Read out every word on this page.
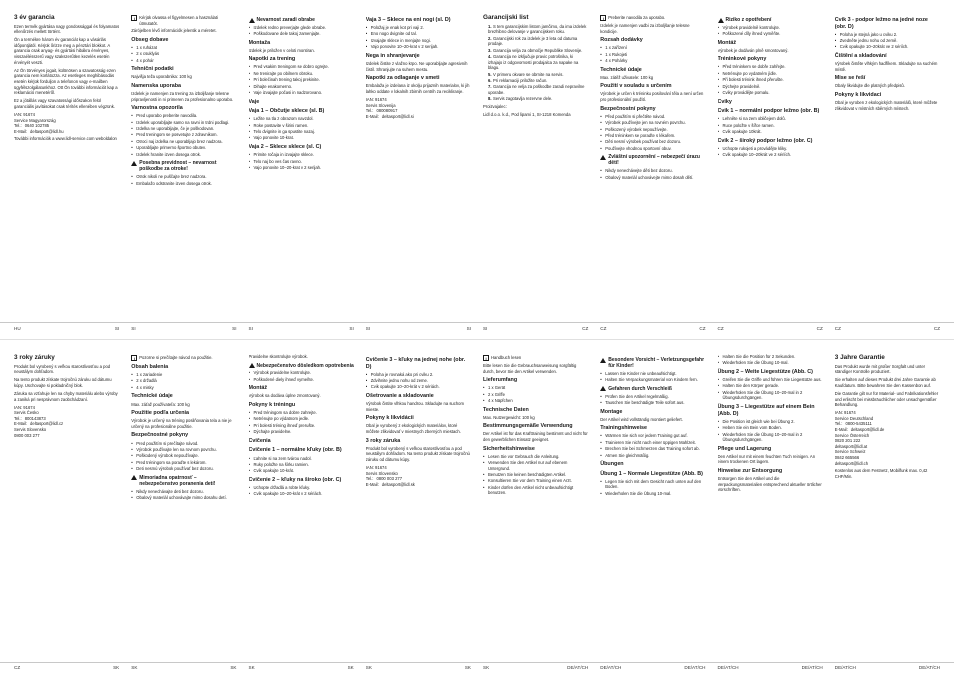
3 év garancia

Ezen termék gyártása nagy gondossággal és folyamatos ellenőrzés mellett történt.

Ön a termékre három év garanciát kap a vásárlás időpontjától. Kérjük őrizze meg a pénztári blokkot. A garancia csak anyag- és gyártási hibákra érvényes, visszaélésszerű vagy szakszerűtlen kezelés esetén érvényét veszti.

Az Ön törvényes jogait, különösen a szavatosság ezen garancia nem korlátozza. Az esetleges meghibásodás esetén kérjük forduljon a telefonon vagy e-mailben ügyfélszolgálatunkhoz. Ott Ön további információt kap a reklamáció menetéről.

Ez a jótállás vagy szavatossági időszakon felül garanciális javításokat csak térítés ellenében végzünk.

IAN: 91674
Service Magyarország
Tel.: 0640 102785
E-Mail: deltasport@lidl.hu

További információk a www.lidl-service.com weboldalon

i	Kérjük olvassa el figyelmesen a használati útmutatót.

Zárójelben lévő információk jelentik a méretet.

Obseg dobave
• 1 x ruházat
• 2 x csuklyás
• 4 x pohár
Tehnični podatki

Najvišja teža uporabnika: 100 kg

Namenska uporaba

Izdelek je namenjen za trening za izboljšanje telesne pripravljenosti in ni primeren za profesionalno uporabo.

Varnostna opozorila
• Pred uporabo preberite navodila.
• Izdelek uporabljajte samo na ravni in trdni podlagi.
• Izdelka ne uporabljajte, če je poškodovan.
• Pred treningom se posvetujte z zdravnikom.
• Otroci naj izdelka ne uporabljajo brez nadzora.
• Uporabljajte primerno športno obutev.
• Izdelek hranite izven dosega otrok.
Posebna previdnost – nevarnost poškodbe za otroke!
• Otrok nikoli ne puščajte brez nadzora.
• Embalažo odstranite izven dosega otrok.
Nevarnost zaradi obrabe
• Izdelek redno preverjajte glede obrabe.
• Poškodovane dele takoj zamenjajte.
Montaža

Izdelek je priložen v celoti montiran.

Napotki za trening
• Pred vsakim treningom se dobro ogrejte.
• Ne trenirajte po obilnem obroku.
• Pri bolečinah trening takoj prekinite.
• Dihajte enakomerno.
• Vaje izvajajte počasi in nadzorovano.
Vaje
Vaja 1 – Občutje sklece (sl. B)
• Ležite na tla z obrazom navzdol.
• Roke postavite v širini ramen.
• Telo dvignite in ga spustite nazaj.
• Vajo ponovite 10-krat.
Vaja 2 – Sklece sklece (sl. C)
• Primite ročaja in izvajajte sklece.
• Telo naj bo ves čas ravno.
• Vajo ponovite 10–20-krat v 2 serijah.
Vaja 3 – Sklece na eni nogi (sl. D)
• Položaj je enak kot pri vaji 2.
• Eno nogo dvignite od tal.
• Izvajajte sklece in menjajte nogi.
• Vajo ponovite 10–20-krat v 2 serijah.
Nega in shranjevanje

Izdelek čistite z vlažno krpo. Ne uporabljajte agresivnih čistil. Shranjujte na suhem mestu.

Napotki za odlaganje v smeti

Embalaža je izdelana iz okolju prijaznih materialov, ki jih lahko oddate v lokalnih zbirnih centrih za recikliranje.

IAN: 91674
Servis Slovenija
Tel.: 080080917
E-Mail: deltasport@lidl.si
Garancijski list
1. S tem garancijskim listom jamčimo, da ima izdelek brezhibno delovanje v garancijskem roku.
2. Garancijski rok za izdelek je 3 leta od datuma prodaje.
3. Garancija velja za območje Republike Slovenije.
4. Garancija ne izključuje pravic potrošnika, ki izhajajo iz odgovornosti prodajalca za napake na blagu.
5. V primeru okvare se obrnite na servis.
6. Pri reklamaciji priložite račun.
7. Garancija ne velja za poškodbe zaradi nepravilne uporabe.
8. Servis zagotavlja rezervne dele.

Proizvajalec:

Lidl d.o.o. k.d., Pod lipami 1, SI-1218 Komenda

i	Preberite navodila za uporabo.

Izdelek je namenjen vadbi za izboljšanje telesne kondicije.

Rozsah dodávky
• 1 x zařízení
• 1 x Rukojeti
• 4 x Pohárky
Technické údaje

Max. zátěž uživatele: 100 kg

Použití v souladu s určením

Výrobek je určen k tréninku posilování těla a není určen pro profesionální použití.

Bezpečnostní pokyny
• Před použitím si přečtěte návod.
• Výrobek používejte jen na rovném povrchu.
• Poškozený výrobek nepoužívejte.
• Před tréninkem se poraďte s lékařem.
• Děti nesmí výrobek používat bez dozoru.
• Používejte vhodnou sportovní obuv.
Zvláštní upozornění – nebezpečí úrazu dětí!
• Nikdy nenechávejte děti bez dozoru.
• Obalový materiál uchovávejte mimo dosah dětí.
Riziko z opotřebení
• Výrobek pravidelně kontrolujte.
• Poškozené díly ihned vyměňte.
Montáž

Výrobek je dodáván plně smontovaný.

Tréninkové pokyny
• Před tréninkem se dobře zahřejte.
• Netrénujte po vydatném jídle.
• Při bolesti trénink ihned přerušte.
• Dýchejte pravidelně.
• Cviky provádějte pomalu.
Cviky
Cvik 1 – normální podpor ležmo (obr. B)
• Lehněte si na zem obličejem dolů.
• Ruce položte v šířce ramen.
• Cvik opakujte 10krát.
Cvik 2 – široký podpor ležmo (obr. C)
• Uchopte rukojeti a provádějte kliky.
• Cvik opakujte 10–20krát ve 2 sériích.
Cvik 3 - podpor ležmo na jedné noze (obr. D)
• Poloha je stejná jako u cviku 2.
• Zvedněte jednu nohu od země.
• Cvik opakujte 10–20krát ve 2 sériích.
Čištění a skladování

Výrobek čistěte vlhkým hadříkem. Skladujte na suchém místě.

Mise se řeší

Obaly likvidujte dle platných předpisů.

Pokyny k likvidaci

Obal je vyroben z ekologických materiálů, které můžete zlikvidovat v místních sběrných místech.

HU	SI	SI	SI	SI	SI	SI	SI	SI	CZ	CZ	CZ	CZ	CZ	CZ	CZ
3 roky záruky

Produkt bol vyrobený s veľkou starostlivosťou a pod neustálym dohľadom.

Na tento produkt získate trojročnú záruku od dátumu kúpy. Uschovajte si pokladničný blok.

Záruka sa vzťahuje len na chyby materiálu alebo výroby a zaniká pri nesprávnom zaobchádzaní.

IAN: 91674
Servis Česko
Tel.: 800143873
E-Mail: deltasport@lidl.cz
Servis Slovensko
0800 003 277
i	Pozorne si prečítajte návod na použitie.
Obsah balenia
• 1 x zariadenie
• 2 x držadlá
• 4 x misky
Technické údaje

Max. záťaž používateľa: 100 kg

Použitie podľa určenia

Výrobok je určený na tréning posilňovania tela a nie je určený na profesionálne použitie.

Bezpečnostné pokyny
• Pred použitím si prečítajte návod.
• Výrobok používajte len na rovnom povrchu.
• Poškodený výrobok nepoužívajte.
• Pred tréningom sa poraďte s lekárom.
• Deti nesmú výrobok používať bez dozoru.
Mimoriadna opatrnosť – nebezpečenstvo poranenia detí!
• Nikdy nenechávajte deti bez dozoru.
• Obalový materiál uchovávajte mimo dosahu detí.

Pravidelne skontrolujte výrobok.

Nebezpečenstvo dôsledkom opotrebenia
• Výrobok pravidelne kontrolujte.
• Poškodené diely ihneď vymeňte.
Montáž

Výrobok sa dodáva úplne zmontovaný.

Pokyny k tréningu
• Pred tréningom sa dobre zahrejte.
• Netrénujte po výdatnom jedle.
• Pri bolesti tréning ihneď prerušte.
• Dýchajte pravidelne.
Cvičenia
Cvičenie 1 – normálne kľuky (obr. B)
• Ľahnite si na zem tvárou nadol.
• Ruky položte na šírku ramien.
• Cvik opakujte 10-krát.
Cvičenie 2 – kľuky na široko (obr. C)
• Uchopte držadlá a robte kľuky.
• Cvik opakujte 10–20-krát v 2 sériách.
Cvičenie 3 – kľuky na jednej nohe (obr. D)
• Poloha je rovnaká ako pri cviku 2.
• Zdvihnite jednu nohu od zeme.
• Cvik opakujte 10–20-krát v 2 sériách.
Ošetrovanie a skladovanie

Výrobok čistite vlhkou handrou. Skladujte na suchom mieste.

Pokyny k likvidácii

Obal je vyrobený z ekologických materiálov, ktoré môžete zlikvidovať v miestnych zberných miestach.

3 roky záruka

Produkt bol vyrobený s veľkou starostlivosťou a pod neustálym dohľadom. Na tento produkt získate trojročnú záruku od dátumu kúpy.

IAN: 91674
Servis Slovensko
Tel.: 0800 003 277
E-Mail: deltasport@lidl.sk
i	Handbuch lesen

Bitte lesen Sie die Gebrauchsanweisung sorgfältig durch, bevor Sie den Artikel verwenden.

Lieferumfang
• 1 x Gerät
• 2 x Griffe
• 4 x Näpfchen
Technische Daten

Max. Nutzergewicht: 100 kg

Bestimmungsgemäße Verwendung

Der Artikel ist für das Krafttraining bestimmt und nicht für den gewerblichen Einsatz geeignet.

Sicherheitshinweise
• Lesen Sie vor Gebrauch die Anleitung.
• Verwenden Sie den Artikel nur auf ebenem Untergrund.
• Benutzen Sie keinen beschädigten Artikel.
• Konsultieren Sie vor dem Training einen Arzt.
• Kinder dürfen den Artikel nicht unbeaufsichtigt benutzen.
Besondere Vorsicht – Verletzungsgefahr für Kinder!
• Lassen Sie Kinder nie unbeaufsichtigt.
• Halten Sie Verpackungsmaterial von Kindern fern.
Gefahren durch Verschleiß
• Prüfen Sie den Artikel regelmäßig.
• Tauschen Sie beschädigte Teile sofort aus.
Montage

Der Artikel wird vollständig montiert geliefert.

Trainingshinweise
• Wärmen Sie sich vor jedem Training gut auf.
• Trainieren Sie nicht nach einer üppigen Mahlzeit.
• Brechen Sie bei Schmerzen das Training sofort ab.
• Atmen Sie gleichmäßig.
Übungen
Übung 1 – Normale Liegestütze (Abb. B)
• Legen Sie sich mit dem Gesicht nach unten auf den Boden.
• Wiederholen Sie die Übung 10-mal.
• Halten Sie die Position für 2 Sekunden.
• Wiederholen Sie die Übung 10-mal.
Übung 2 – Weite Liegestütze (Abb. C)
• Greifen Sie die Griffe und führen Sie Liegestütze aus.
• Halten Sie den Körper gerade.
• Wiederholen Sie die Übung 10–20-mal in 2 Übungsdurchgängen.
Übung 3 – Liegestütze auf einem Bein (Abb. D)
• Die Position ist gleich wie bei Übung 2.
• Heben Sie ein Bein vom Boden.
• Wiederholen Sie die Übung 10–20-mal in 2 Übungsdurchgängen.
Pflege und Lagerung

Den Artikel nur mit einem feuchten Tuch reinigen. An einem trockenen Ort lagern.

Hinweise zur Entsorgung

Entsorgen Sie den Artikel und die Verpackungsmaterialien entsprechend aktueller örtlicher Vorschriften.

3 Jahre Garantie

Das Produkt wurde mit großer Sorgfalt und unter ständiger Kontrolle produziert.

Sie erhalten auf dieses Produkt drei Jahre Garantie ab Kaufdatum. Bitte bewahren Sie den Kassenbon auf.

Die Garantie gilt nur für Material- und Fabrikationsfehler und erlischt bei missbräuchlicher oder unsachgemäßer Behandlung.

IAN: 91674
Service Deutschland
Tel.: 0800-5435111
E-Mail: deltasport@lidl.de
Service Österreich
0820 201 222
deltasport@lidl.at
Service Schweiz
0842 665566
deltasport@lidl.ch

Kostenlos aus dem Festnetz, Mobilfunk max. 0,42 CHF/Min.

CZ	SK	SK	SK	SK	SK	SK	SK	SK	DE/AT/CH	DE/AT/CH	DE/AT/CH	DE/AT/CH	DE/AT/CH	DE/AT/CH	DE/AT/CH
